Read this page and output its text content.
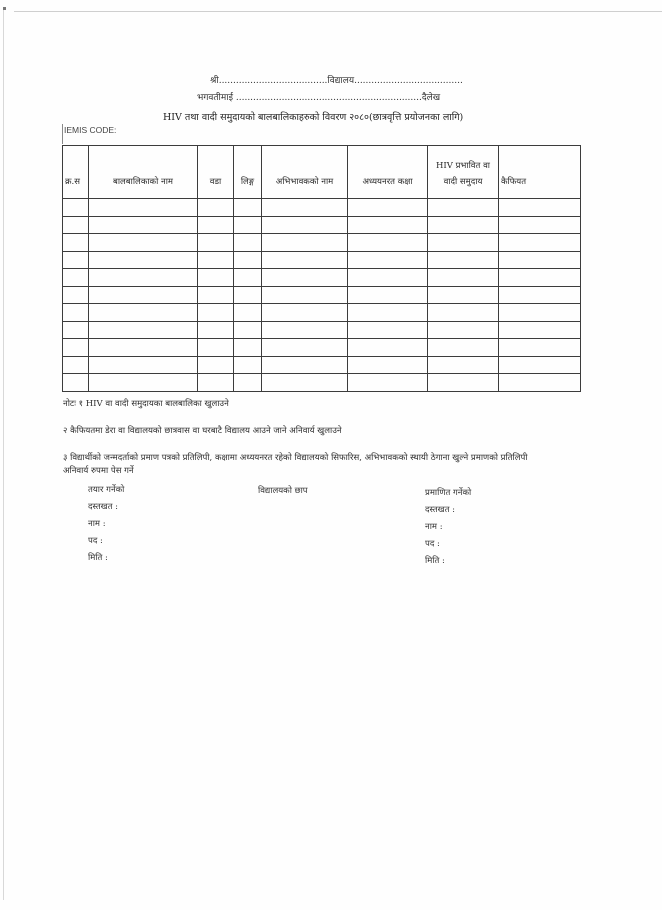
श्री......................................विद्यालय......................................
भगवतीमाई .................................................................दैलेख
HIV तथा वादी समुदायको बालबालिकाहरुको विवरण २०८०(छात्रवृत्ति प्रयोजनका लागि)
IEMIS CODE:
क्र.स	बालबालिकाको नाम	वडा	लिङ्ग	अभिभावकको नाम	अध्ययनरत कक्षा	HIV प्रभावित वा वादी समुदाय	कैफियत

नोटः १ HIV वा वादी समुदायका बालबालिका खुलाउने
२ कैफियतमा डेरा वा विद्यालयको छात्रवास वा घरबाटै विद्यालय आउने जाने अनिवार्य खुलाउने
३ विद्यार्थीको जन्मदर्ताको प्रमाण पत्रको प्रतिलिपी, कक्षामा अध्ययनरत रहेको विद्यालयको सिफारिस, अभिभावकको स्थायी ठेगाना खुल्ने प्रमाणको प्रतिलिपी
अनिवार्य रुपमा पेस गर्ने
तयार गर्नेको
दस्तखत :
नाम :
पद :
मिति :
विद्यालयको छाप	प्रमाणित गर्नेको
दस्तखत :
नाम :
पद :
मिति :
